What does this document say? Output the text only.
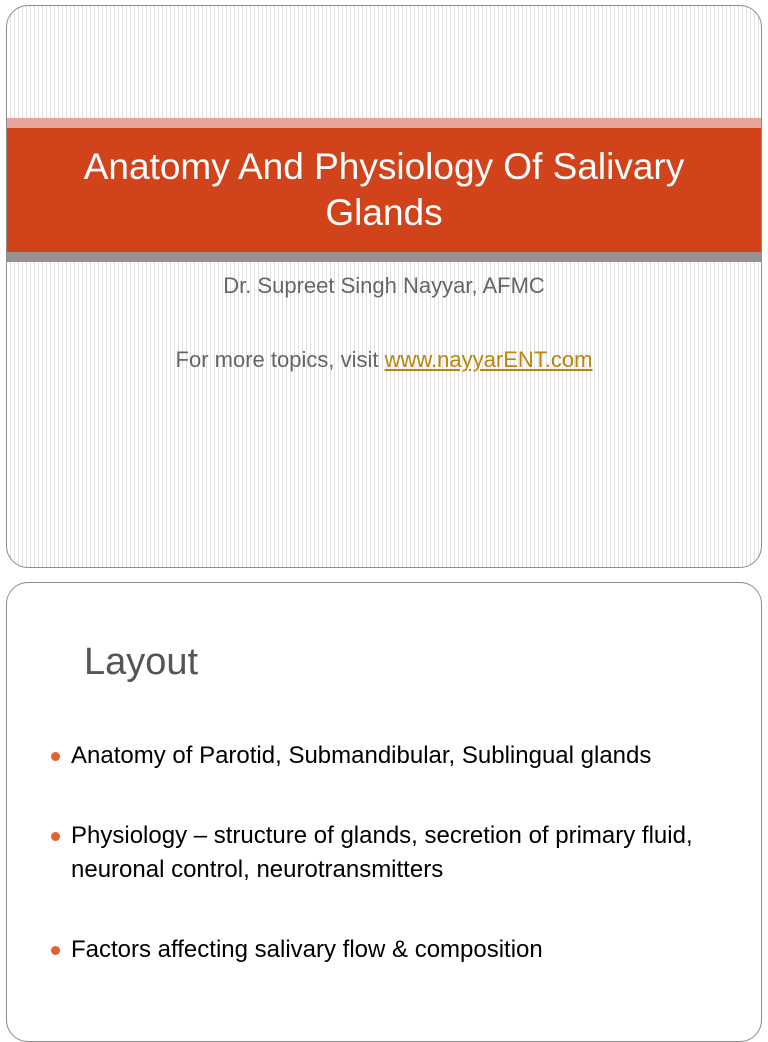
Anatomy And Physiology Of Salivary Glands

Dr. Supreet Singh Nayyar, AFMC

For more topics, visit www.nayyarENT.com

Layout
Anatomy of Parotid, Submandibular, Sublingual glands
Physiology – structure of glands, secretion of primary fluid, neuronal control, neurotransmitters
Factors affecting salivary flow & composition
